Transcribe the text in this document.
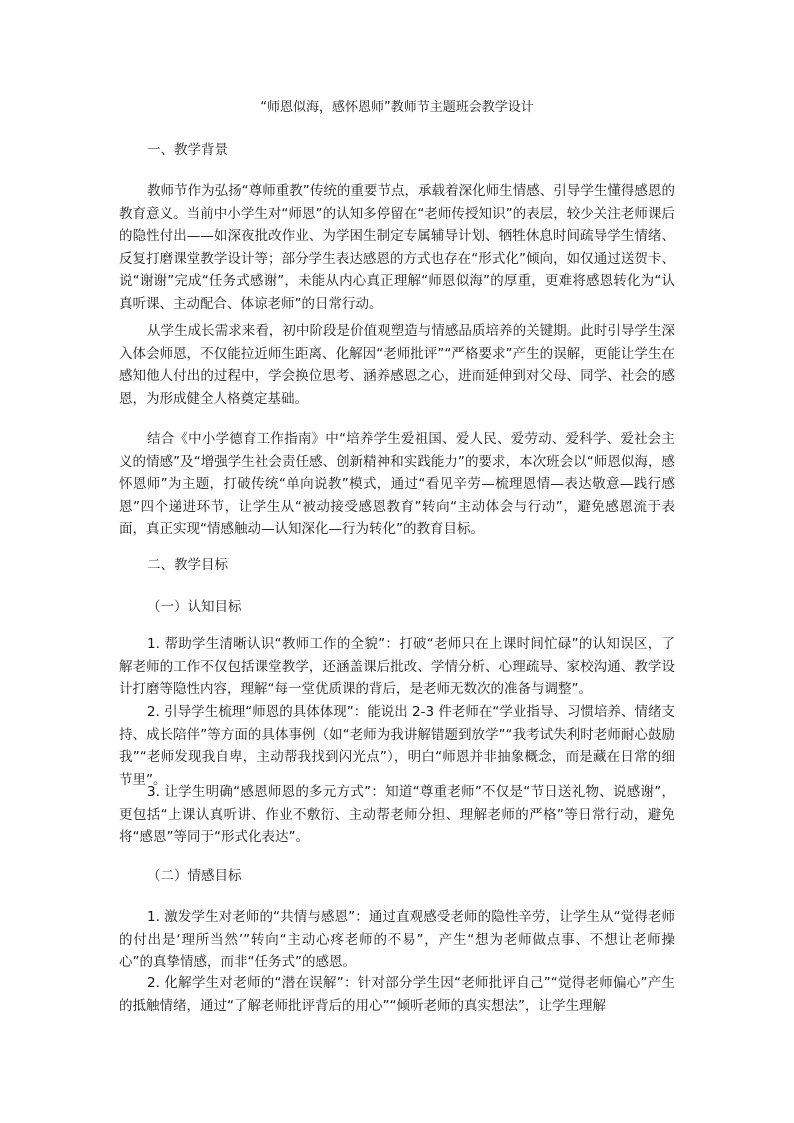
“师恩似海，感怀恩师”教师节主题班会教学设计
一、教学背景

教师节作为弘扬“尊师重教”传统的重要节点，承载着深化师生情感、引导学生懂得感恩的教育意义。当前中小学生对“师恩”的认知多停留在“老师传授知识”的表层，较少关注老师课后的隐性付出——如深夜批改作业、为学困生制定专属辅导计划、牺牲休息时间疏导学生情绪、反复打磨课堂教学设计等；部分学生表达感恩的方式也存在“形式化”倾向，如仅通过送贺卡、说“谢谢”完成“任务式感谢”，未能从内心真正理解“师恩似海”的厚重，更难将感恩转化为“认真听课、主动配合、体谅老师”的日常行动。

从学生成长需求来看，初中阶段是价值观塑造与情感品质培养的关键期。此时引导学生深入体会师恩，不仅能拉近师生距离、化解因“老师批评”“严格要求”产生的误解，更能让学生在感知他人付出的过程中，学会换位思考、涵养感恩之心，进而延伸到对父母、同学、社会的感恩，为形成健全人格奠定基础。

结合《中小学德育工作指南》中“培养学生爱祖国、爱人民、爱劳动、爱科学、爱社会主义的情感”及“增强学生社会责任感、创新精神和实践能力”的要求，本次班会以“师恩似海，感怀恩师”为主题，打破传统“单向说教”模式，通过“看见辛劳—梳理恩情—表达敬意—践行感恩”四个递进环节，让学生从“被动接受感恩教育”转向“主动体会与行动”，避免感恩流于表面，真正实现“情感触动—认知深化—行为转化”的教育目标。

二、教学目标
（一）认知目标

1. 帮助学生清晰认识“教师工作的全貌”：打破“老师只在上课时间忙碌”的认知误区，了解老师的工作不仅包括课堂教学，还涵盖课后批改、学情分析、心理疏导、家校沟通、教学设计打磨等隐性内容，理解“每一堂优质课的背后，是老师无数次的准备与调整”。

2. 引导学生梳理“师恩的具体体现”：能说出 2-3 件老师在“学业指导、习惯培养、情绪支持、成长陪伴”等方面的具体事例（如“老师为我讲解错题到放学”“我考试失利时老师耐心鼓励我”“老师发现我自卑，主动帮我找到闪光点”），明白“师恩并非抽象概念，而是藏在日常的细节里”。

3. 让学生明确“感恩师恩的多元方式”：知道“尊重老师”不仅是“节日送礼物、说感谢”，更包括“上课认真听讲、作业不敷衍、主动帮老师分担、理解老师的严格”等日常行动，避免将“感恩”等同于“形式化表达”。

（二）情感目标

1. 激发学生对老师的“共情与感恩”：通过直观感受老师的隐性辛劳，让学生从“觉得老师的付出是‘理所当然’”转向“主动心疼老师的不易”，产生“想为老师做点事、不想让老师操心”的真挚情感，而非“任务式”的感恩。

2. 化解学生对老师的“潜在误解”：针对部分学生因“老师批评自己”“觉得老师偏心”产生的抵触情绪，通过“了解老师批评背后的用心”“倾听老师的真实想法”，让学生理解
